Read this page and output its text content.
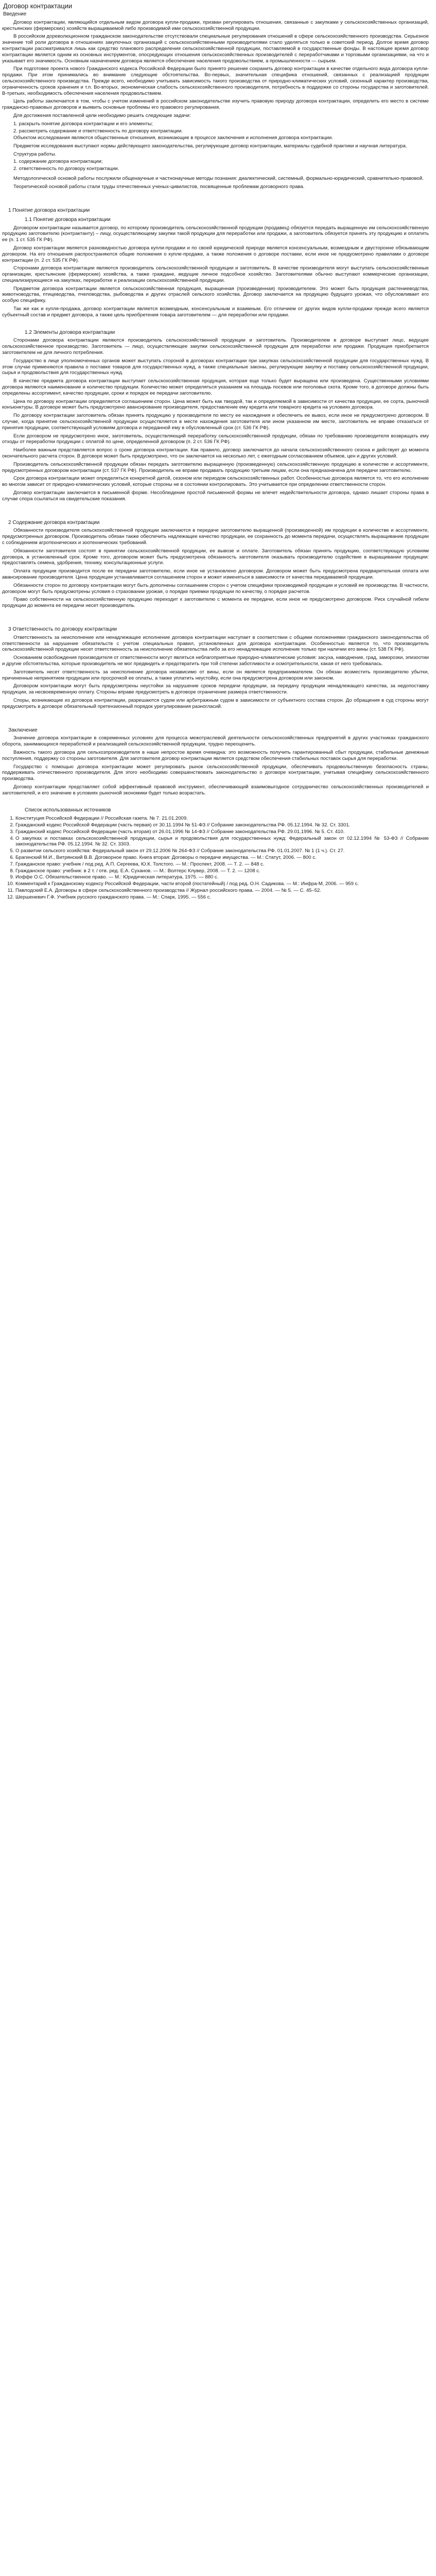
Договор контрактации
Введение

Договор контрактации, являющийся отдельным видом договора купли-продажи, призван регулировать отношения, связанные с закупками у сельскохозяйственных организаций, крестьянских (фермерских) хозяйств выращиваемой либо производимой ими сельскохозяйственной продукции.

В российском дореволюционном гражданском законодательстве отсутствовали специальные регулирования отношений в сфере сельскохозяйственного производства. Серьезное значение той роли договора в отношениях закупочных организаций с сельскохозяйственными производителями стало уделяться только в советский период. Долгое время договор контрактации рассматривался лишь как средство планового распределения сельскохозяйственной продукции, поставляемой в государственные фонды. В настоящее время договор контрактации является одним из основных инструментов, опосредующих отношения сельскохозяйственных производителей с переработчиками и торговыми организациями, на что и указывает его значимость. Основным назначением договора является обеспечение населения продовольствием, а промышленности — сырьем.

При подготовке проекта нового Гражданского кодекса Российской Федерации было принято решение сохранить договор контрактации в качестве отдельного вида договора купли-продажи. При этом принимались во внимание следующие обстоятельства. Во-первых, значительная специфика отношений, связанных с реализацией продукции сельскохозяйственного производства. Прежде всего, необходимо учитывать зависимость такого производства от природно-климатических условий, сезонный характер производства, ограниченность сроков хранения и т.п. Во-вторых, экономическая слабость сельскохозяйственного производителя, потребность в поддержке со стороны государства и заготовителей. В-третьих, необходимость обеспечения населения продовольствием.

Цель работы заключается в том, чтобы с учетом изменений в российском законодательстве изучить правовую природу договора контрактации, определить его место в системе гражданско-правовых договоров и выявить основные проблемы его правового регулирования.

Для достижения поставленной цели необходимо решить следующие задачи:

1. раскрыть понятие договора контрактации и его элементы;
2. рассмотреть содержание и ответственность по договору контрактации.

Объектом исследования являются общественные отношения, возникающие в процессе заключения и исполнения договора контрактации.

Предметом исследования выступают нормы действующего законодательства, регулирующие договор контрактации, материалы судебной практики и научная литература.

Структура работы.
1. содержание договора контрактации;
2. ответственность по договору контрактации.

Методологической основой работы послужили общенаучные и частнонаучные методы познания: диалектический, системный, формально-юридический, сравнительно-правовой.

Теоретической основой работы стали труды отечественных ученых-цивилистов, посвященные проблемам договорного права.

1 Понятие договора контрактации
1.1 Понятие договора контрактации

Договором контрактации называется договор, по которому производитель сельскохозяйственной продукции (продавец) обязуется передать выращенную им сельскохозяйственную продукцию заготовителю (контрактанту) – лицу, осуществляющему закупки такой продукции для переработки или продажи, а заготовитель обязуется принять эту продукцию и оплатить ее (п. 1 ст. 535 ГК РФ).

Договор контрактации является разновидностью договора купли-продажи и по своей юридической природе является консенсуальным, возмездным и двусторонне обязывающим договором. На его отношения распространяются общие положения о купле-продаже, а также положения о договоре поставки, если иное не предусмотрено правилами о договоре контрактации (п. 2 ст. 535 ГК РФ).

Сторонами договора контрактации являются производитель сельскохозяйственной продукции и заготовитель. В качестве производителя могут выступать сельскохозяйственные организации, крестьянские (фермерские) хозяйства, а также граждане, ведущие личное подсобное хозяйство. Заготовителями обычно выступают коммерческие организации, специализирующиеся на закупках, переработке и реализации сельскохозяйственной продукции.

Предметом договора контрактации является сельскохозяйственная продукция, выращенная (произведенная) производителем. Это может быть продукция растениеводства, животноводства, птицеводства, пчеловодства, рыбоводства и других отраслей сельского хозяйства. Договор заключается на продукцию будущего урожая, что обусловливает его особую специфику.

Так же как и купля-продажа, договор контрактации является возмездным, консенсуальным и взаимным. Его отличием от других видов купли-продажи прежде всего является субъектный состав и предмет договора, а также цель приобретения товара заготовителем — для переработки или продажи.

1.2 Элементы договора контрактации

Сторонами договора контрактации являются производитель сельскохозяйственной продукции и заготовитель. Производителем в договоре выступает лицо, ведущее сельскохозяйственное производство. Заготовитель — лицо, осуществляющее закупки сельскохозяйственной продукции для переработки или продажи. Продукция приобретается заготовителем не для личного потребления.

Государство в лице уполномоченных органов может выступать стороной в договорах контрактации при закупках сельскохозяйственной продукции для государственных нужд. В этом случае применяются правила о поставке товаров для государственных нужд, а также специальные законы, регулирующие закупку и поставку сельскохозяйственной продукции, сырья и продовольствия для государственных нужд.

В качестве предмета договора контрактации выступает сельскохозяйственная продукция, которая еще только будет выращена или произведена. Существенными условиями договора являются наименование и количество продукции. Количество может определяться указанием на площадь посевов или поголовье скота. Кроме того, в договоре должны быть определены ассортимент, качество продукции, сроки и порядок ее передачи заготовителю.

Цена по договору контрактации определяется соглашением сторон. Цена может быть как твердой, так и определяемой в зависимости от качества продукции, ее сорта, рыночной конъюнктуры. В договоре может быть предусмотрено авансирование производителя, предоставление ему кредита или товарного кредита на условиях договора.

По договору контрактации заготовитель обязан принять продукцию у производителя по месту ее нахождения и обеспечить ее вывоз, если иное не предусмотрено договором. В случае, когда принятие сельскохозяйственной продукции осуществляется в месте нахождения заготовителя или ином указанном им месте, заготовитель не вправе отказаться от принятия продукции, соответствующей условиям договора и переданной ему в обусловленный срок (ст. 536 ГК РФ).

Если договором не предусмотрено иное, заготовитель, осуществляющий переработку сельскохозяйственной продукции, обязан по требованию производителя возвращать ему отходы от переработки продукции с оплатой по цене, определенной договором (п. 2 ст. 536 ГК РФ).

Наиболее важным представляется вопрос о сроке договора контрактации. Как правило, договор заключается до начала сельскохозяйственного сезона и действует до момента окончательного расчета сторон. В договоре может быть предусмотрено, что он заключается на несколько лет, с ежегодным согласованием объемов, цен и других условий.

Производитель сельскохозяйственной продукции обязан передать заготовителю выращенную (произведенную) сельскохозяйственную продукцию в количестве и ассортименте, предусмотренных договором контрактации (ст. 537 ГК РФ). Производитель не вправе продавать продукцию третьим лицам, если она предназначена для передачи заготовителю.

Срок договора контрактации может определяться конкретной датой, сезоном или периодом сельскохозяйственных работ. Особенностью договора является то, что его исполнение во многом зависит от природно-климатических условий, которые стороны не в состоянии контролировать. Это учитывается при определении ответственности сторон.

Договор контрактации заключается в письменной форме. Несоблюдение простой письменной формы не влечет недействительности договора, однако лишает стороны права в случае спора ссылаться на свидетельские показания.

2 Содержание договора контрактации

Обязанности производителя сельскохозяйственной продукции заключаются в передаче заготовителю выращенной (произведенной) им продукции в количестве и ассортименте, предусмотренных договором. Производитель обязан также обеспечить надлежащее качество продукции, ее сохранность до момента передачи, осуществлять выращивание продукции с соблюдением агротехнических и зоотехнических требований.

Обязанности заготовителя состоят в принятии сельскохозяйственной продукции, ее вывозе и оплате. Заготовитель обязан принять продукцию, соответствующую условиям договора, в установленный срок. Кроме того, договором может быть предусмотрена обязанность заготовителя оказывать производителю содействие в выращивании продукции: предоставлять семена, удобрения, технику, консультационные услуги.

Оплата продукции производится после ее передачи заготовителю, если иное не установлено договором. Договором может быть предусмотрена предварительная оплата или авансирование производителя. Цена продукции устанавливается соглашением сторон и может изменяться в зависимости от качества передаваемой продукции.

Обязанности сторон по договору контрактации могут быть дополнены соглашением сторон с учетом специфики производимой продукции и условий ее производства. В частности, договором могут быть предусмотрены условия о страховании урожая, о порядке приемки продукции по качеству, о порядке расчетов.

Право собственности на сельскохозяйственную продукцию переходит к заготовителю с момента ее передачи, если иное не предусмотрено договором. Риск случайной гибели продукции до момента ее передачи несет производитель.

3 Ответственность по договору контрактации

Ответственность за неисполнение или ненадлежащее исполнение договора контрактации наступает в соответствии с общими положениями гражданского законодательства об ответственности за нарушение обязательств с учетом специальных правил, установленных для договора контрактации. Особенностью является то, что производитель сельскохозяйственной продукции несет ответственность за неисполнение обязательства либо за его ненадлежащее исполнение только при наличии его вины (ст. 538 ГК РФ).

Основанием освобождения производителя от ответственности могут являться неблагоприятные природно-климатические условия: засуха, наводнение, град, заморозки, эпизоотии и другие обстоятельства, которые производитель не мог предвидеть и предотвратить при той степени заботливости и осмотрительности, какая от него требовалась.

Заготовитель несет ответственность за неисполнение договора независимо от вины, если он является предпринимателем. Он обязан возместить производителю убытки, причиненные непринятием продукции или просрочкой ее оплаты, а также уплатить неустойку, если она предусмотрена договором или законом.

Договором контрактации могут быть предусмотрены неустойки за нарушение сроков передачи продукции, за передачу продукции ненадлежащего качества, за недопоставку продукции, за несвоевременную оплату. Стороны вправе предусмотреть в договоре ограничение размера ответственности.

Споры, возникающие из договора контрактации, разрешаются судом или арбитражным судом в зависимости от субъектного состава сторон. До обращения в суд стороны могут предусмотреть в договоре обязательный претензионный порядок урегулирования разногласий.

Заключение

Значение договора контрактации в современных условиях для процесса межотраслевой деятельности сельскохозяйственных предприятий в других участниках гражданского оборота, занимающихся переработкой и реализацией сельскохозяйственной продукции, трудно переоценить.

Важность такого договора для сельхозпроизводителя в наше непростое время очевидна: это возможность получить гарантированный сбыт продукции, стабильные денежные поступления, поддержку со стороны заготовителя. Для заготовителя договор контрактации является средством обеспечения стабильных поставок сырья для переработки.

Государство с помощью договора контрактации может регулировать рынок сельскохозяйственной продукции, обеспечивать продовольственную безопасность страны, поддерживать отечественного производителя. Для этого необходимо совершенствовать законодательство о договоре контрактации, учитывая специфику сельскохозяйственного производства.

Договор контрактации представляет собой эффективный правовой инструмент, обеспечивающий взаимовыгодное сотрудничество сельскохозяйственных производителей и заготовителей, и его значение в условиях рыночной экономики будет только возрастать.

Список использованных источников
1. Конституция Российской Федерации // Российская газета. № 7. 21.01.2009.
2. Гражданский кодекс Российской Федерации (часть первая) от 30.11.1994 № 51-ФЗ // Собрание законодательства РФ. 05.12.1994. № 32. Ст. 3301.
3. Гражданский кодекс Российской Федерации (часть вторая) от 26.01.1996 № 14-ФЗ // Собрание законодательства РФ. 29.01.1996. № 5. Ст. 410.
4. О закупках и поставках сельскохозяйственной продукции, сырья и продовольствия для государственных нужд: Федеральный закон от 02.12.1994 № 53-ФЗ // Собрание законодательства РФ. 05.12.1994. № 32. Ст. 3303.
5. О развитии сельского хозяйства: Федеральный закон от 29.12.2006 № 264-ФЗ // Собрание законодательства РФ. 01.01.2007. № 1 (1 ч.). Ст. 27.
6. Брагинский М.И., Витрянский В.В. Договорное право. Книга вторая: Договоры о передаче имущества. — М.: Статут, 2006. — 800 с.
7. Гражданское право: учебник / под ред. А.П. Сергеева, Ю.К. Толстого. — М.: Проспект, 2008. — Т. 2. — 848 с.
8. Гражданское право: учебник: в 2 т. / отв. ред. Е.А. Суханов. — М.: Волтерс Клувер, 2008. — Т. 2. — 1208 с.
9. Иоффе О.С. Обязательственное право. — М.: Юридическая литература, 1975. — 880 с.
10. Комментарий к Гражданскому кодексу Российской Федерации, части второй (постатейный) / под ред. О.Н. Садикова. — М.: Инфра-М, 2006. — 959 с.
11. Павлодский Е.А. Договоры в сфере сельскохозяйственного производства // Журнал российского права. — 2004. — № 5. — С. 45–52.
12. Шершеневич Г.Ф. Учебник русского гражданского права. — М.: Спарк, 1995. — 556 с.
